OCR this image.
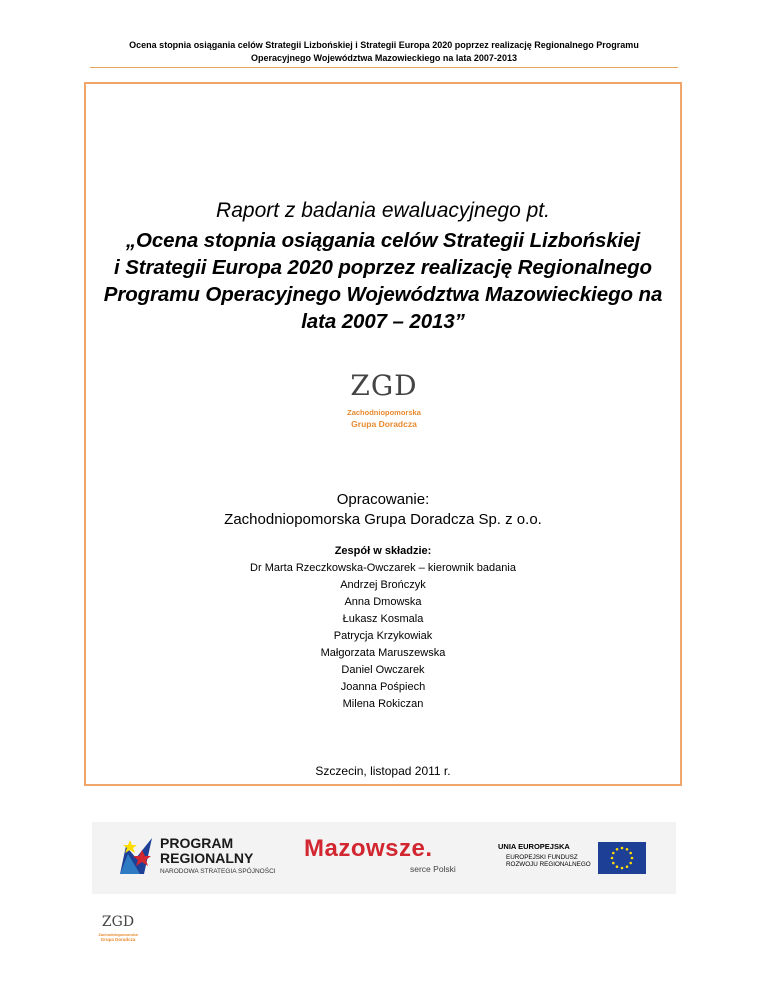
Ocena stopnia osiągania celów Strategii Lizbońskiej i Strategii Europa 2020 poprzez realizację Regionalnego Programu
Operacyjnego Województwa Mazowieckiego na lata 2007-2013
Raport z badania ewaluacyjnego pt.
„Ocena stopnia osiągania celów Strategii Lizbońskiej
i Strategii Europa 2020 poprzez realizację Regionalnego
Programu Operacyjnego Województwa Mazowieckiego na
lata 2007 – 2013”
ZGD
Zachodniopomorska
Grupa Doradcza
Opracowanie:
Zachodniopomorska Grupa Doradcza Sp. z o.o.
Zespół w składzie:
Dr Marta Rzeczkowska-Owczarek – kierownik badania
Andrzej Brończyk
Anna Dmowska
Łukasz Kosmala
Patrycja Krzykowiak
Małgorzata Maruszewska
Daniel Owczarek
Joanna Pośpiech
Milena Rokiczan
Szczecin, listopad 2011 r.
PROGRAM
REGIONALNY
NARODOWA STRATEGIA SPÓJNOŚCI
Mazowsze.
serce Polski
UNIA EUROPEJSKA
EUROPEJSKI FUNDUSZ
ROZWOJU REGIONALNEGO
ZGD
Zachodniopomorska
Grupa Doradcza
